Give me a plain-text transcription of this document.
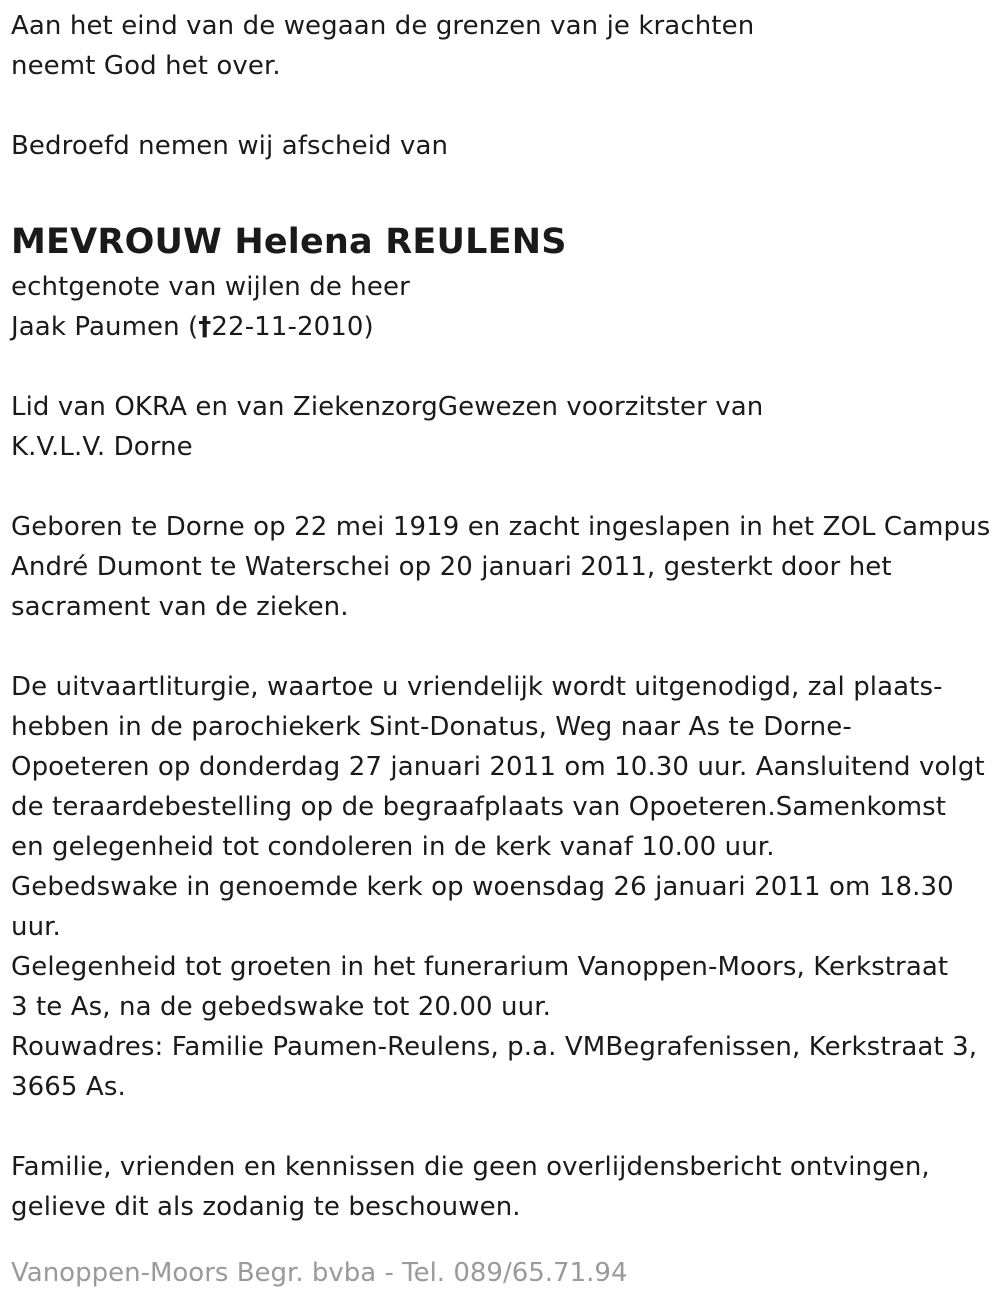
Aan het eind van de wegaan de grenzen van je krachten
neemt God het over.
Bedroefd nemen wij afscheid van
MEVROUW Helena REULENS
echtgenote van wijlen de heer
Jaak Paumen (†22-11-2010)
Lid van OKRA en van ZiekenzorgGewezen voorzitster van
K.V.L.V. Dorne
Geboren te Dorne op 22 mei 1919 en zacht ingeslapen in het ZOL Campus
André Dumont te Waterschei op 20 januari 2011, gesterkt door het
sacrament van de zieken.
De uitvaartliturgie, waartoe u vriendelijk wordt uitgenodigd, zal plaats-
hebben in de parochiekerk Sint-Donatus, Weg naar As te Dorne-
Opoeteren op donderdag 27 januari 2011 om 10.30 uur. Aansluitend volgt
de teraardebestelling op de begraafplaats van Opoeteren.Samenkomst
en gelegenheid tot condoleren in de kerk vanaf 10.00 uur.
Gebedswake in genoemde kerk op woensdag 26 januari 2011 om 18.30
uur.
Gelegenheid tot groeten in het funerarium Vanoppen-Moors, Kerkstraat
3 te As, na de gebedswake tot 20.00 uur.
Rouwadres: Familie Paumen-Reulens, p.a. VMBegrafenissen, Kerkstraat 3,
3665 As.
Familie, vrienden en kennissen die geen overlijdensbericht ontvingen,
gelieve dit als zodanig te beschouwen.
Vanoppen-Moors Begr. bvba - Tel. 089/65.71.94
